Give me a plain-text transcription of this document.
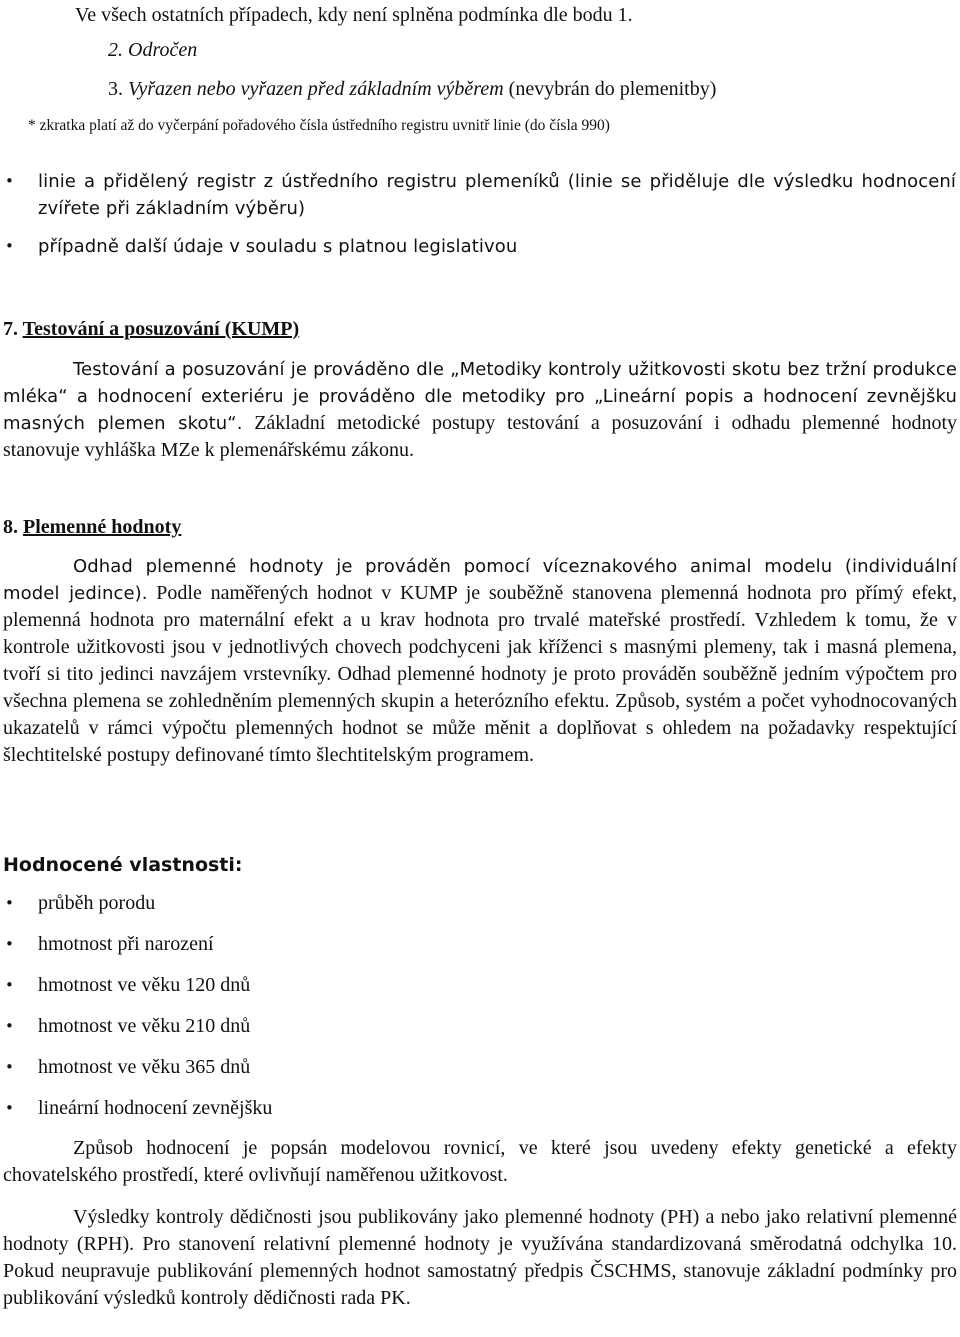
Ve všech ostatních případech, kdy není splněna podmínka dle bodu 1.
2. Odročen
3. Vyřazen nebo vyřazen před základním výběrem (nevybrán do plemenitby)
* zkratka platí až do vyčerpání pořadového čísla ústředního registru uvnitř linie (do čísla 990)
• linie a přidělený registr z ústředního registru plemeníků (linie se přiděluje dle výsledku hodnocení zvířete při základním výběru)
• případně další údaje v souladu s platnou legislativou
7. Testování a posuzování (KUMP)

Testování a posuzování je prováděno dle „Metodiky kontroly užitkovosti skotu bez tržní produkce mléka“ a hodnocení exteriéru je prováděno dle metodiky pro „Lineární popis a hodnocení zevnějšku masných plemen skotu“. Základní metodické postupy testování a posuzování i odhadu plemenné hodnoty stanovuje vyhláška MZe k plemenářskému zákonu.

8. Plemenné hodnoty

Odhad plemenné hodnoty je prováděn pomocí víceznakového animal modelu (individuální model jedince). Podle naměřených hodnot v KUMP je souběžně stanovena plemenná hodnota pro přímý efekt, plemenná hodnota pro maternální efekt a u krav hodnota pro trvalé mateřské prostředí. Vzhledem k tomu, že v kontrole užitkovosti jsou v jednotlivých chovech podchyceni jak kříženci s masnými plemeny, tak i masná plemena, tvoří si tito jedinci navzájem vrstevníky. Odhad plemenné hodnoty je proto prováděn souběžně jedním výpočtem pro všechna plemena se zohledněním plemenných skupin a heterózního efektu. Způsob, systém a počet vyhodnocovaných ukazatelů v rámci výpočtu plemenných hodnot se může měnit a doplňovat s ohledem na požadavky respektující šlechtitelské postupy definované tímto šlechtitelským programem.

Hodnocené vlastnosti:
• průběh porodu
• hmotnost při narození
• hmotnost ve věku 120 dnů
• hmotnost ve věku 210 dnů
• hmotnost ve věku 365 dnů
• lineární hodnocení zevnějšku

Způsob hodnocení je popsán modelovou rovnicí, ve které jsou uvedeny efekty genetické a efekty chovatelského prostředí, které ovlivňují naměřenou užitkovost.

Výsledky kontroly dědičnosti jsou publikovány jako plemenné hodnoty (PH) a nebo jako relativní plemenné hodnoty (RPH). Pro stanovení relativní plemenné hodnoty je využívána standardizovaná směrodatná odchylka 10. Pokud neupravuje publikování plemenných hodnot samostatný předpis ČSCHMS, stanovuje základní podmínky pro publikování výsledků kontroly dědičnosti rada PK.
